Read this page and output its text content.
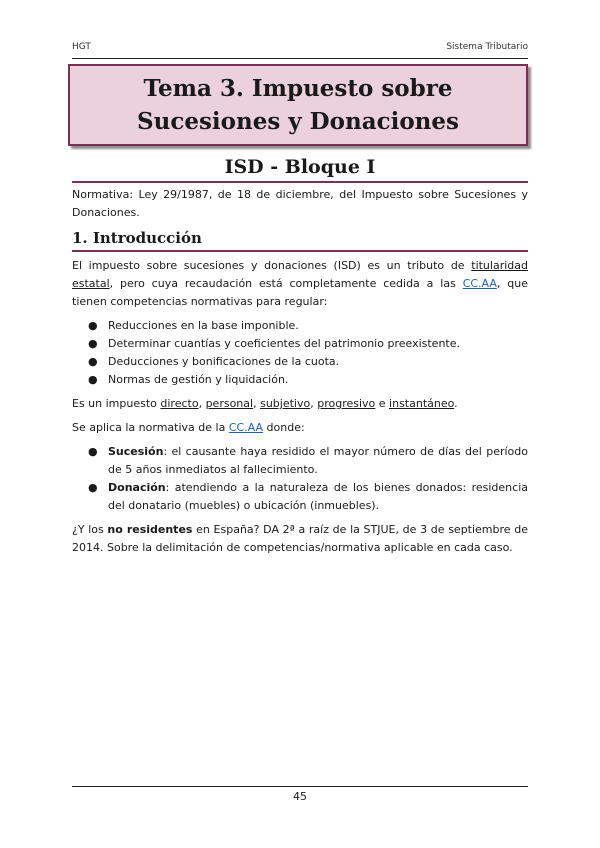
HGT	Sistema Tributario
Tema 3. Impuesto sobre Sucesiones y Donaciones
ISD - Bloque I

Normativa: Ley 29/1987, de 18 de diciembre, del Impuesto sobre Sucesiones y Donaciones.

1. Introducción

El impuesto sobre sucesiones y donaciones (ISD) es un tributo de titularidad estatal, pero cuya recaudación está completamente cedida a las CC.AA, que tienen competencias normativas para regular:

● Reducciones en la base imponible.
● Determinar cuantías y coeficientes del patrimonio preexistente.
● Deducciones y bonificaciones de la cuota.
● Normas de gestión y liquidación.

Es un impuesto directo, personal, subjetivo, progresivo e instantáneo.

Se aplica la normativa de la CC.AA donde:

● Sucesión: el causante haya residido el mayor número de días del período de 5 años inmediatos al fallecimiento.
● Donación: atendiendo a la naturaleza de los bienes donados: residencia del donatario (muebles) o ubicación (inmuebles).

¿Y los no residentes en España? DA 2ª a raíz de la STJUE, de 3 de septiembre de 2014. Sobre la delimitación de competencias/normativa aplicable en cada caso.

45
